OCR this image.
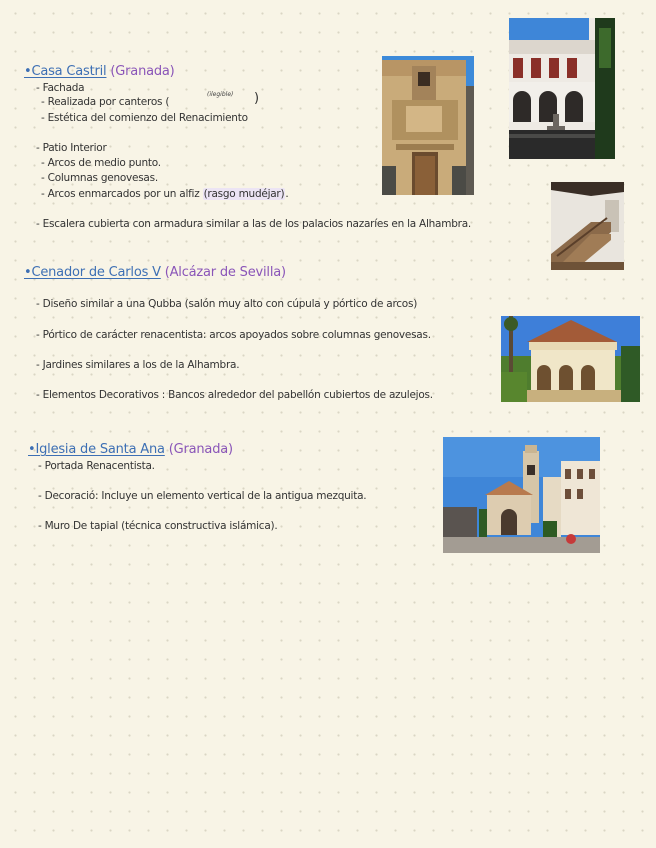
•Casa Castril (Granada)
- Fachada
- Realizada por canteros (
(ilegible) )
- Estética del comienzo del Renacimiento
- Patio Interior
- Arcos de medio punto.
- Columnas genovesas.
- Arcos enmarcados por un alfiz (rasgo mudéjar).
- Escalera cubierta con armadura similar a las de los palacios nazaríes en la Alhambra.
•Cenador de Carlos V (Alcázar de Sevilla)
- Diseño similar a una Qubba (salón muy alto con cúpula y pórtico de arcos)
- Pórtico de carácter renacentista: arcos apoyados sobre columnas genovesas.
- Jardines similares a los de la Alhambra.
- Elementos Decorativos : Bancos alrededor del pabellón cubiertos de azulejos.
•Iglesia de Santa Ana (Granada)
- Portada Renacentista.
- Decoració: Incluye un elemento vertical de la antigua mezquita.
- Muro De tapial (técnica constructiva islámica).
